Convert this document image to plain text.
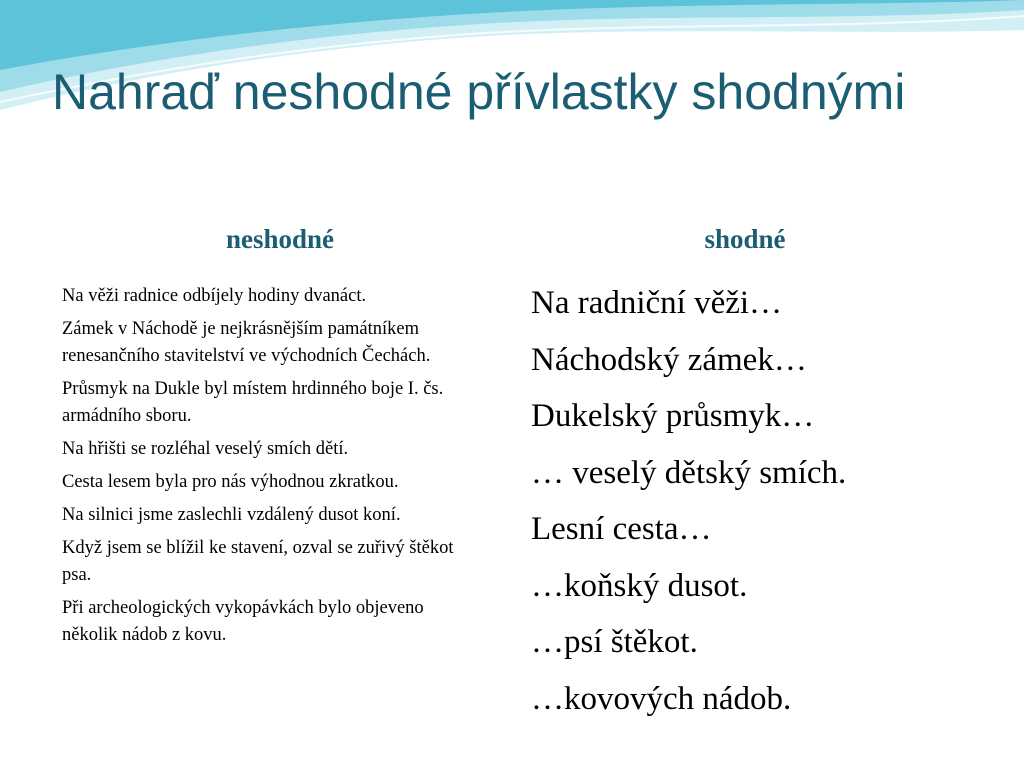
Nahraď neshodné přívlastky shodnými
neshodné	shodné
Na věži radnice odbíjely hodiny dvanáct.
Zámek v Náchodě je nejkrásnějším památníkem renesančního stavitelství ve východních Čechách.
Průsmyk na Dukle byl místem hrdinného boje I. čs. armádního sboru.
Na hřišti se rozléhal veselý smích dětí.
Cesta lesem byla pro nás výhodnou zkratkou.
Na silnici jsme zaslechli vzdálený dusot koní.
Když jsem se blížil ke stavení, ozval se zuřivý štěkot psa.
Při archeologických vykopávkách bylo objeveno několik nádob z kovu.
Na radniční věži…
Náchodský zámek…
Dukelský průsmyk…
… veselý dětský smích.
Lesní cesta…
…koňský dusot.
…psí štěkot.
…kovových nádob.
